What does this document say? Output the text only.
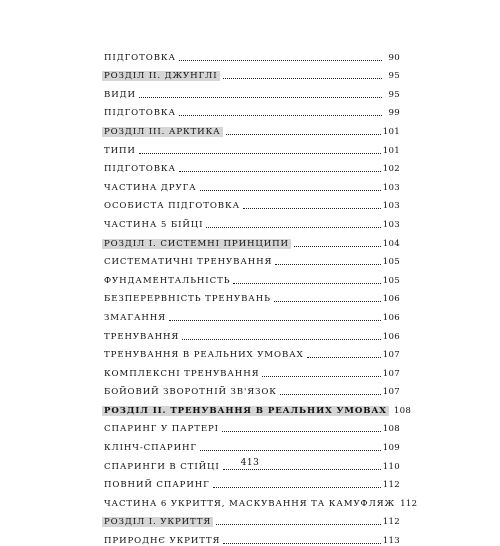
ПІДГОТОВКА	90
РОЗДІЛ ІІ. ДЖУНГЛІ	95
ВИДИ	95
ПІДГОТОВКА	99
РОЗДІЛ ІІІ. АРКТИКА	101
ТИПИ	101
ПІДГОТОВКА	102
ЧАСТИНА ДРУГА	103
ОСОБИСТА ПІДГОТОВКА	103
ЧАСТИНА 5 БІЙЦІ	103
РОЗДІЛ І. СИСТЕМНІ ПРИНЦИПИ	104
СИСТЕМАТИЧНІ ТРЕНУВАННЯ	105
ФУНДАМЕНТАЛЬНІСТЬ	105
БЕЗПЕРЕРВНІСТЬ ТРЕНУВАНЬ	106
ЗМАГАННЯ	106
ТРЕНУВАННЯ	106
ТРЕНУВАННЯ В РЕАЛЬНИХ УМОВАХ	107
КОМПЛЕКСНІ ТРЕНУВАННЯ	107
БОЙОВИЙ ЗВОРОТНІЙ ЗВ'ЯЗОК	107
РОЗДІЛ ІІ. ТРЕНУВАННЯ В РЕАЛЬНИХ УМОВАХ 108
СПАРИНГ У ПАРТЕРІ	108
КЛІНЧ-СПАРИНГ	109
СПАРИНГИ В СТІЙЦІ	110
ПОВНИЙ СПАРИНГ	112
ЧАСТИНА 6 УКРИТТЯ, МАСКУВАННЯ ТА КАМУФЛЯЖ 112
РОЗДІЛ І. УКРИТТЯ	112
ПРИРОДНЄ УКРИТТЯ	113
413
